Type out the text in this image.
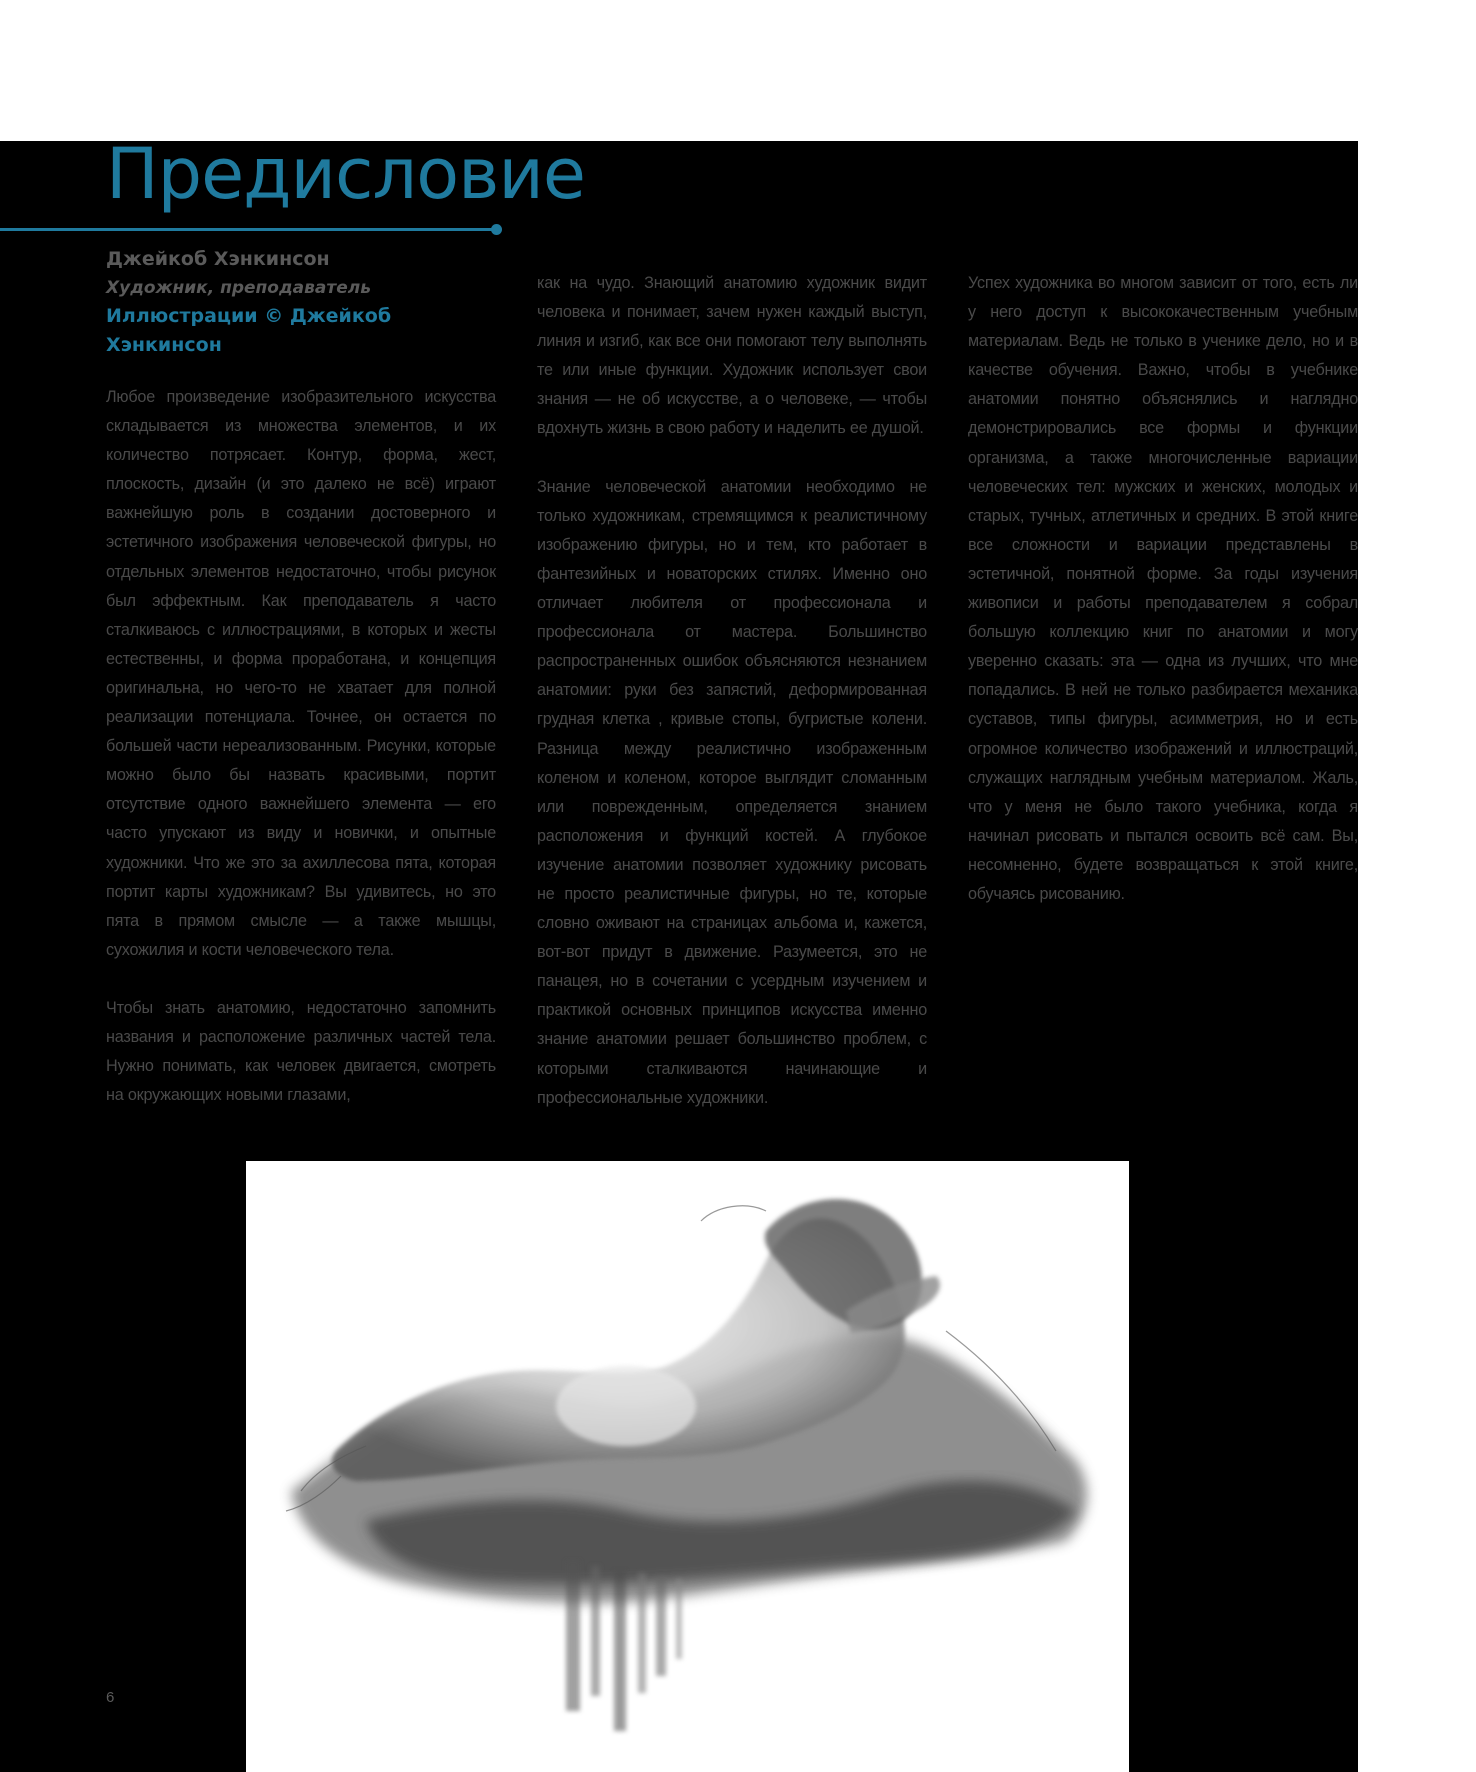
Предисловие
Джейкоб Хэнкинсон
Художник, преподаватель
Иллюстрации © Джейкоб Хэнкинсон

Любое произведение изобразительного искусства складывается из множества элементов, и их количество потрясает. Контур, форма, жест, плоскость, дизайн (и это далеко не всё) играют важнейшую роль в создании достоверного и эстетичного изображения человеческой фигуры, но отдельных элементов недостаточно, чтобы рисунок был эффектным. Как преподаватель я часто сталкиваюсь с иллюстрациями, в которых и жесты естественны, и форма проработана, и концепция оригинальна, но чего-то не хватает для полной реализации потенциала. Точнее, он остается по большей части нереализованным. Рисунки, которые можно было бы назвать красивыми, портит отсутствие одного важнейшего элемента — его часто упускают из виду и новички, и опытные художники. Что же это за ахиллесова пята, которая портит карты художникам? Вы удивитесь, но это пята в прямом смысле — а также мышцы, сухожилия и кости человеческого тела.

Чтобы знать анатомию, недостаточно запомнить названия и расположение различных частей тела. Нужно понимать, как человек двигается, смотреть на окружающих новыми глазами,

как на чудо. Знающий анатомию художник видит человека и понимает, зачем нужен каждый выступ, линия и изгиб, как все они помогают телу выполнять те или иные функции. Художник использует свои знания — не об искусстве, а о человеке, — чтобы вдохнуть жизнь в свою работу и наделить ее душой.

Знание человеческой анатомии необходимо не только художникам, стремящимся к реалистичному изображению фигуры, но и тем, кто работает в фантезийных и новаторских стилях. Именно оно отличает любителя от профессионала и профессионала от мастера. Большинство распространенных ошибок объясняются незнанием анатомии: руки без запястий, деформированная грудная клетка , кривые стопы, бугристые колени. Разница между реалистично изображенным коленом и коленом, которое выглядит сломанным или поврежденным, определяется знанием расположения и функций костей. А глубокое изучение анатомии позволяет художнику рисовать не просто реалистичные фигуры, но те, которые словно оживают на страницах альбома и, кажется, вот-вот придут в движение. Разумеется, это не панацея, но в сочетании с усердным изучением и практикой основных принципов искусства именно знание анатомии решает большинство проблем, с которыми сталкиваются начинающие и профессиональные художники.

Успех художника во многом зависит от того, есть ли у него доступ к высококачественным учебным материалам. Ведь не только в ученике дело, но и в качестве обучения. Важно, чтобы в учебнике анатомии понятно объяснялись и наглядно демонстрировались все формы и функции организма, а также многочисленные вариации человеческих тел: мужских и женских, молодых и старых, тучных, атлетичных и средних. В этой книге все сложности и вариации представлены в эстетичной, понятной форме. За годы изучения живописи и работы преподавателем я собрал большую коллекцию книг по анатомии и могу уверенно сказать: эта — одна из лучших, что мне попадались. В ней не только разбирается механика суставов, типы фигуры, асимметрия, но и есть огромное количество изображений и иллюстраций, служащих наглядным учебным материалом. Жаль, что у меня не было такого учебника, когда я начинал рисовать и пытался освоить всё сам. Вы, несомненно, будете возвращаться к этой книге, обучаясь рисованию.

6
